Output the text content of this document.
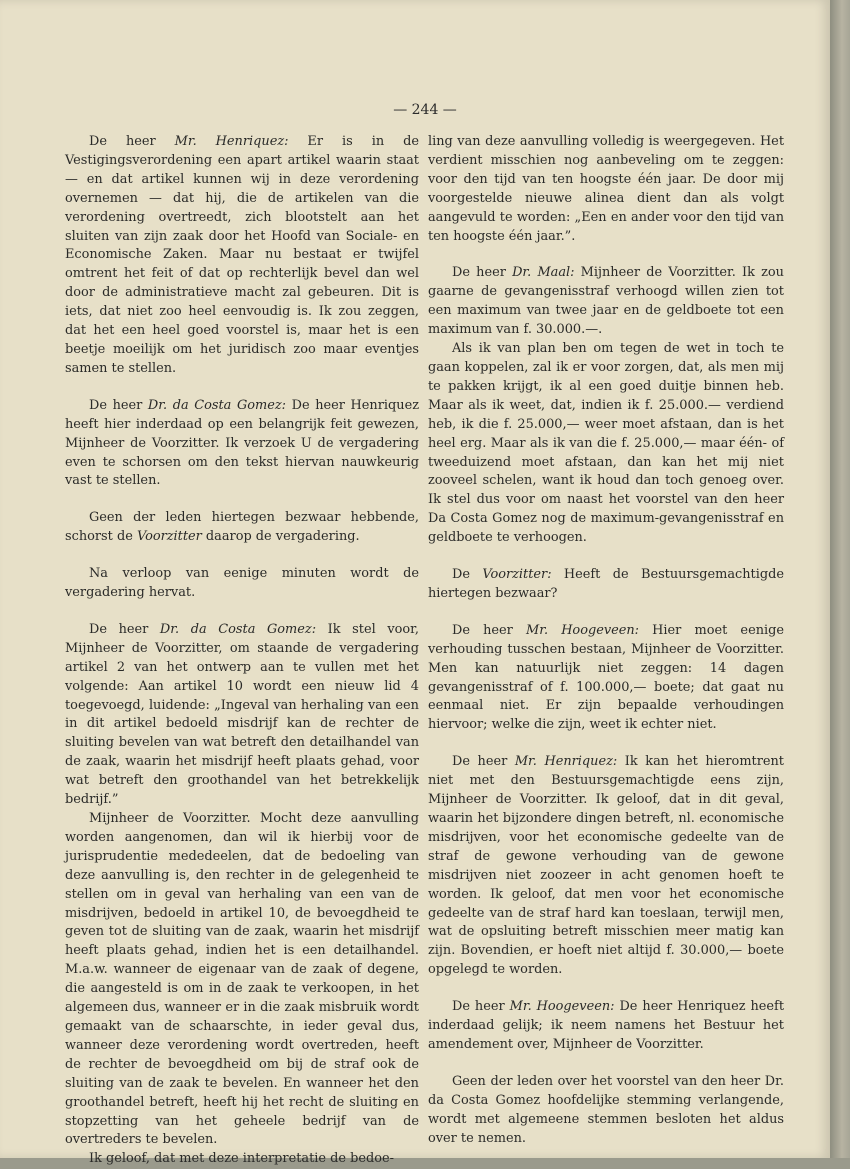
— 244 —

De heer Mr. Henriquez: Er is in de Vestigingsverordening een apart artikel waarin staat — en dat artikel kunnen wij in deze verordening overnemen — dat hij, die de artikelen van die verordening overtreedt, zich blootstelt aan het sluiten van zijn zaak door het Hoofd van Sociale- en Economische Zaken. Maar nu bestaat er twijfel omtrent het feit of dat op rechterlijk bevel dan wel door de administratieve macht zal gebeuren. Dit is iets, dat niet zoo heel eenvoudig is. Ik zou zeggen, dat het een heel goed voorstel is, maar het is een beetje moeilijk om het juridisch zoo maar eventjes samen te stellen.

De heer Dr. da Costa Gomez: De heer Henriquez heeft hier inderdaad op een belangrijk feit gewezen, Mijnheer de Voorzitter. Ik verzoek U de vergadering even te schorsen om den tekst hiervan nauwkeurig vast te stellen.

Geen der leden hiertegen bezwaar hebbende, schorst de Voorzitter daarop de vergadering.

Na verloop van eenige minuten wordt de vergadering hervat.

De heer Dr. da Costa Gomez: Ik stel voor, Mijnheer de Voorzitter, om staande de vergadering artikel 2 van het ontwerp aan te vullen met het volgende: Aan artikel 10 wordt een nieuw lid 4 toegevoegd, luidende: „Ingeval van herhaling van een in dit artikel bedoeld misdrijf kan de rechter de sluiting bevelen van wat betreft den detailhandel van de zaak, waarin het misdrijf heeft plaats gehad, voor wat betreft den groothandel van het betrekkelijk bedrijf.”

Mijnheer de Voorzitter. Mocht deze aanvulling worden aangenomen, dan wil ik hierbij voor de jurisprudentie mededeelen, dat de bedoeling van deze aanvulling is, den rechter in de gelegenheid te stellen om in geval van herhaling van een van de misdrijven, bedoeld in artikel 10, de bevoegdheid te geven tot de sluiting van de zaak, waarin het misdrijf heeft plaats gehad, indien het is een detailhandel. M.a.w. wanneer de eigenaar van de zaak of degene, die aangesteld is om in de zaak te verkoopen, in het algemeen dus, wanneer er in die zaak misbruik wordt gemaakt van de schaarschte, in ieder geval dus, wanneer deze verordening wordt overtreden, heeft de rechter de bevoegdheid om bij de straf ook de sluiting van de zaak te bevelen. En wanneer het den groothandel betreft, heeft hij het recht de sluiting en stopzetting van het geheele bedrijf van de overtreders te bevelen.

Ik geloof, dat met deze interpretatie de bedoe-

ling van deze aanvulling volledig is weergegeven. Het verdient misschien nog aanbeveling om te zeggen: voor den tijd van ten hoogste één jaar. De door mij voorgestelde nieuwe alinea dient dan als volgt aangevuld te worden: „Een en ander voor den tijd van ten hoogste één jaar.”.

De heer Dr. Maal: Mijnheer de Voorzitter. Ik zou gaarne de gevangenisstraf verhoogd willen zien tot een maximum van twee jaar en de geldboete tot een maximum van f. 30.000.—.

Als ik van plan ben om tegen de wet in toch te gaan koppelen, zal ik er voor zorgen, dat, als men mij te pakken krijgt, ik al een goed duitje binnen heb. Maar als ik weet, dat, indien ik f. 25.000.— verdiend heb, ik die f. 25.000,— weer moet afstaan, dan is het heel erg. Maar als ik van die f. 25.000,— maar één- of tweeduizend moet afstaan, dan kan het mij niet zooveel schelen, want ik houd dan toch genoeg over. Ik stel dus voor om naast het voorstel van den heer Da Costa Gomez nog de maximum-gevangenisstraf en geldboete te verhoogen.

De Voorzitter: Heeft de Bestuursgemachtigde hiertegen bezwaar?

De heer Mr. Hoogeveen: Hier moet eenige verhouding tusschen bestaan, Mijnheer de Voorzitter. Men kan natuurlijk niet zeggen: 14 dagen gevangenisstraf of f. 100.000,— boete; dat gaat nu eenmaal niet. Er zijn bepaalde verhoudingen hiervoor; welke die zijn, weet ik echter niet.

De heer Mr. Henriquez: Ik kan het hieromtrent niet met den Bestuursgemachtigde eens zijn, Mijnheer de Voorzitter. Ik geloof, dat in dit geval, waarin het bijzondere dingen betreft, nl. economische misdrijven, voor het economische gedeelte van de straf de gewone verhouding van de gewone misdrijven niet zoozeer in acht genomen hoeft te worden. Ik geloof, dat men voor het economische gedeelte van de straf hard kan toeslaan, terwijl men, wat de opsluiting betreft misschien meer matig kan zijn. Bovendien, er hoeft niet altijd f. 30.000,— boete opgelegd te worden.

De heer Mr. Hoogeveen: De heer Henriquez heeft inderdaad gelijk; ik neem namens het Bestuur het amendement over, Mijnheer de Voorzitter.

Geen der leden over het voorstel van den heer Dr. da Costa Gomez hoofdelijke stemming verlangende, wordt met algemeene stemmen besloten het aldus over te nemen.
